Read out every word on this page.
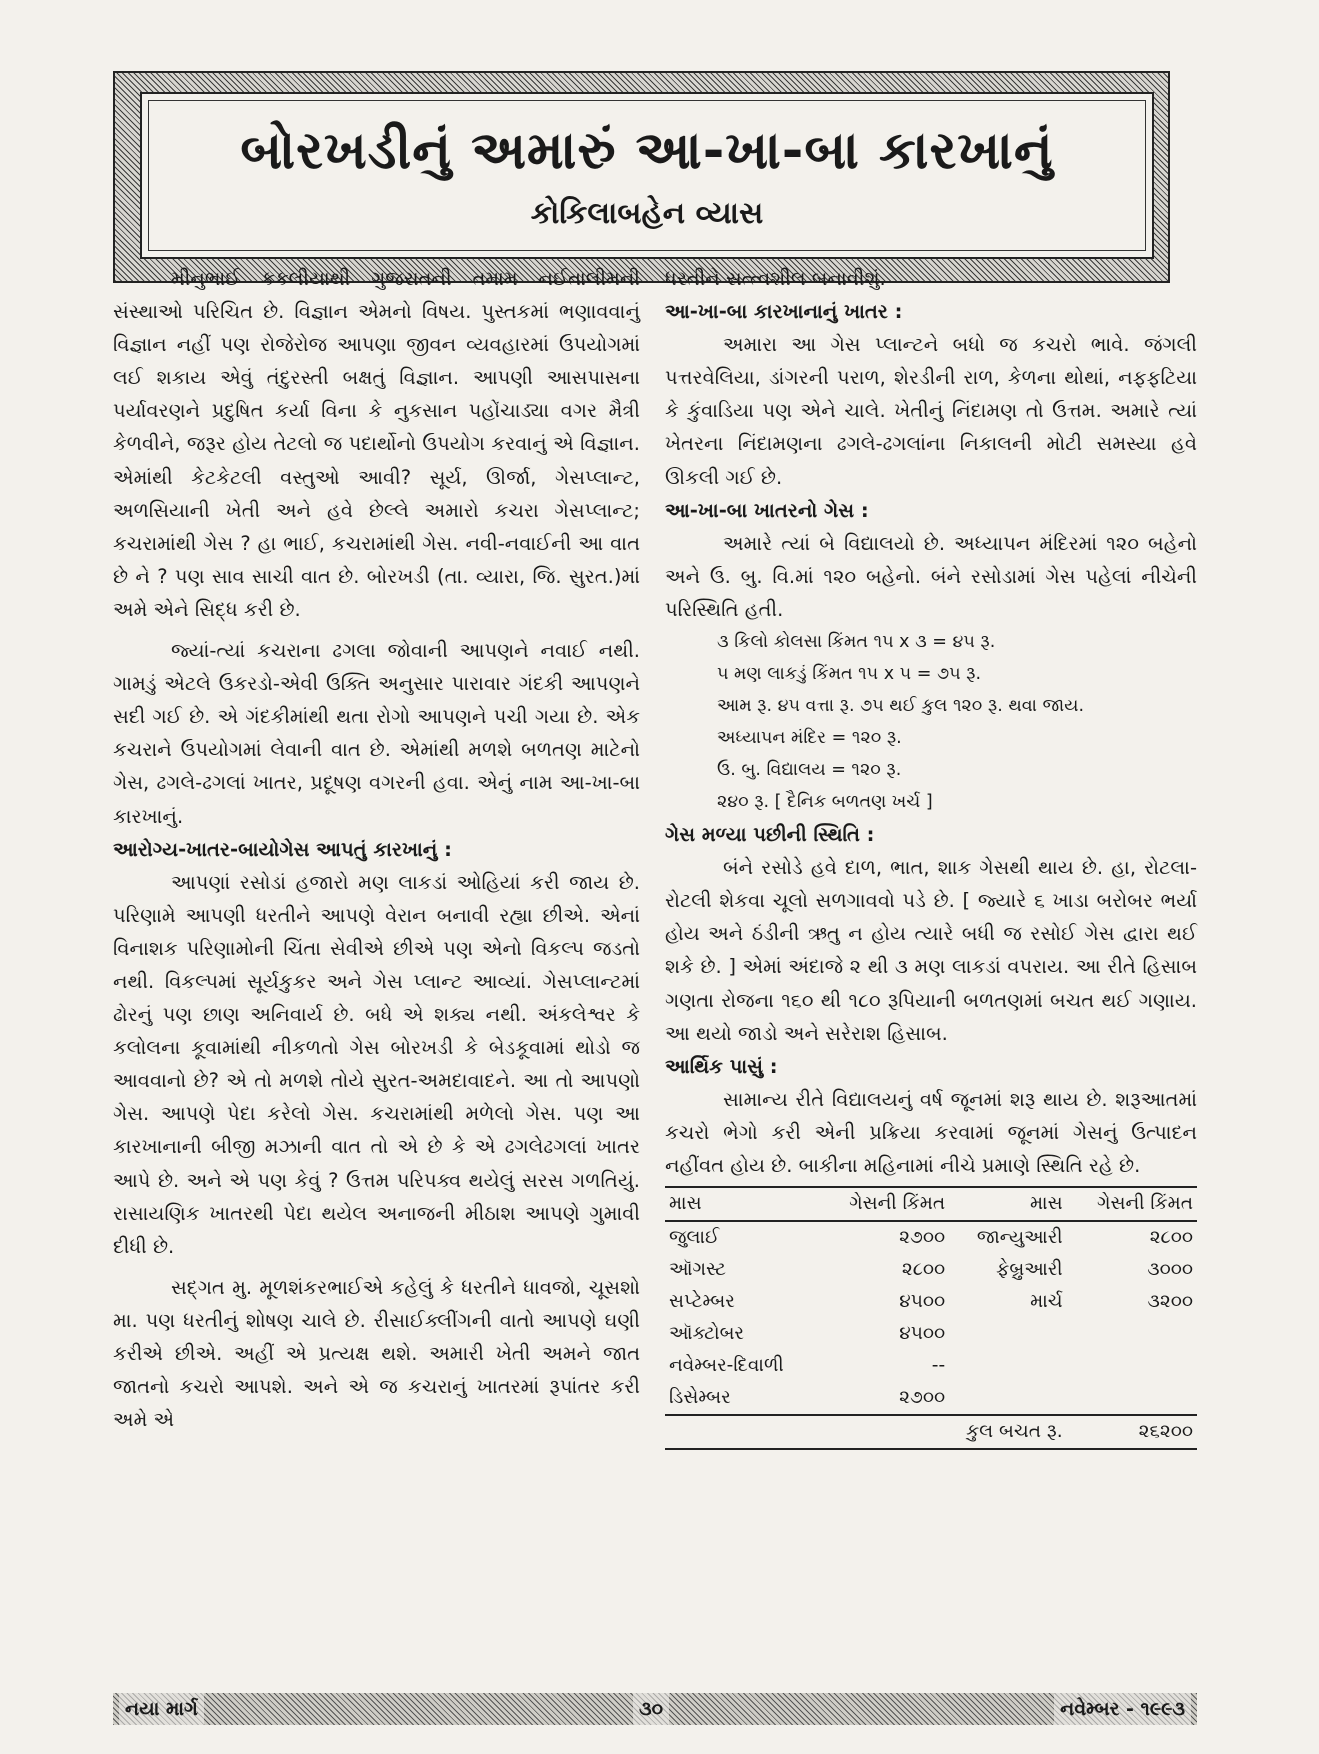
બોરખડીનું અમારું આ-ખા-બા કારખાનું
કોકિલાબહેન વ્યાસ

મીનુભાઈ કકલીયાથી ગુજરાતની તમામ નઈતાલીમની સંસ્થાઓ પરિચિત છે. વિજ્ઞાન એમનો વિષય. પુસ્તકમાં ભણાવવાનું વિજ્ઞાન નહીં પણ રોજેરોજ આપણા જીવન વ્યવહારમાં ઉપયોગમાં લઈ શકાય એવું તંદુરસ્તી બક્ષતું વિજ્ઞાન. આપણી આસપાસના પર્યાવરણને પ્રદુષિત કર્યા વિના કે નુકસાન પહોંચાડ્યા વગર મૈત્રી કેળવીને, જરૂર હોય તેટલો જ પદાર્થોનો ઉપયોગ કરવાનું એ વિજ્ઞાન. એમાંથી કેટકેટલી વસ્તુઓ આવી? સૂર્ય, ઊર્જા, ગેસપ્લાન્ટ, અળસિયાની ખેતી અને હવે છેલ્લે અમારો કચરા ગેસપ્લાન્ટ; કચરામાંથી ગેસ ? હા ભાઈ, કચરામાંથી ગેસ. નવી-નવાઈની આ વાત છે ને ? પણ સાવ સાચી વાત છે. બોરખડી (તા. વ્યારા, જિ. સુરત.)માં અમે એને સિદ્ધ કરી છે.

જ્યાં-ત્યાં કચરાના ઢગલા જોવાની આપણને નવાઈ નથી. ગામડું એટલે ઉકરડો-એવી ઉક્તિ અનુસાર પારાવાર ગંદકી આપણને સદી ગઈ છે. એ ગંદકીમાંથી થતા રોગો આપણને પચી ગયા છે. એક કચરાને ઉપયોગમાં લેવાની વાત છે. એમાંથી મળશે બળતણ માટેનો ગેસ, ઢગલે-ઢગલાં ખાતર, પ્રદૂષણ વગરની હવા. એનું નામ આ-ખા-બા કારખાનું.

આરોગ્ય-ખાતર-બાયોગેસ આપતું કારખાનું :

આપણાં રસોડાં હજારો મણ લાકડાં ઓહિયાં કરી જાય છે. પરિણામે આપણી ધરતીને આપણે વેરાન બનાવી રહ્યા છીએ. એનાં વિનાશક પરિણામોની ચિંતા સેવીએ છીએ પણ એનો વિકલ્પ જડતો નથી. વિકલ્પમાં સૂર્યકુકર અને ગેસ પ્લાન્ટ આવ્યાં. ગેસપ્લાન્ટમાં ઢોરનું પણ છાણ અનિવાર્ય છે. બધે એ શક્ય નથી. અંકલેશ્વર કે કલોલના કૂવામાંથી નીકળતો ગેસ બોરખડી કે બેડકૂવામાં થોડો જ આવવાનો છે? એ તો મળશે તોયે સુરત-અમદાવાદને. આ તો આપણો ગેસ. આપણે પેદા કરેલો ગેસ. કચરામાંથી મળેલો ગેસ. પણ આ કારખાનાની બીજી મઝાની વાત તો એ છે કે એ ઢગલેઢગલાં ખાતર આપે છે. અને એ પણ કેવું ? ઉત્તમ પરિપક્વ થયેલું સરસ ગળતિયું. રાસાયણિક ખાતરથી પેદા થયેલ અનાજની મીઠાશ આપણે ગુમાવી દીધી છે.

સદ્ગત મુ. મૂળશંકરભાઈએ કહેલું કે ધરતીને ધાવજો, ચૂસશો મા. પણ ધરતીનું શોષણ ચાલે છે. રીસાઈક્લીંગની વાતો આપણે ઘણી કરીએ છીએ. અહીં એ પ્રત્યક્ષ થશે. અમારી ખેતી અમને જાત જાતનો કચરો આપશે. અને એ જ કચરાનું ખાતરમાં રૂપાંતર કરી અમે એ

ધરતીને સત્ત્વશીલ બનાવીશું.

આ-ખા-બા કારખાનાનું ખાતર :

અમારા આ ગેસ પ્લાન્ટને બધો જ કચરો ભાવે. જંગલી પત્તરવેલિયા, ડાંગરની પરાળ, શેરડીની રાળ, કેળના થોથાં, નફફટિયા કે કુંવાડિયા પણ એને ચાલે. ખેતીનું નિંદામણ તો ઉત્તમ. અમારે ત્યાં ખેતરના નિંદામણના ઢગલે-ઢગલાંના નિકાલની મોટી સમસ્યા હવે ઊકલી ગઈ છે.

આ-ખા-બા ખાતરનો ગેસ :

અમારે ત્યાં બે વિદ્યાલયો છે. અધ્યાપન મંદિરમાં ૧૨૦ બહેનો અને ઉ. બુ. વિ.માં ૧૨૦ બહેનો. બંને રસોડામાં ગેસ પહેલાં નીચેની પરિસ્થિતિ હતી.

૩ કિલો કોલસા કિંમત ૧૫ x ૩ = ૪૫ રૂ.

૫ મણ લાકડું કિંમત ૧૫ x ૫ = ૭૫ રૂ.

આમ રૂ. ૪૫ વત્તા રૂ. ૭૫ થઈ કુલ ૧૨૦ રૂ. થવા જાય.

અધ્યાપન મંદિર = ૧૨૦ રૂ.

ઉ. બુ. વિદ્યાલય = ૧૨૦ રૂ.

૨૪૦ રૂ. [ દૈનિક બળતણ ખર્ચ ]

ગેસ મળ્યા પછીની સ્થિતિ :

બંને રસોડે હવે દાળ, ભાત, શાક ગેસથી થાય છે. હા, રોટલા-રોટલી શેકવા ચૂલો સળગાવવો પડે છે. [ જ્યારે ૬ ખાડા બરોબર ભર્યા હોય અને ઠંડીની ઋતુ ન હોય ત્યારે બધી જ રસોઈ ગેસ દ્વારા થઈ શકે છે. ] એમાં અંદાજે ૨ થી ૩ મણ લાકડાં વપરાય. આ રીતે હિસાબ ગણતા રોજના ૧૬૦ થી ૧૮૦ રૂપિયાની બળતણમાં બચત થઈ ગણાય. આ થયો જાડો અને સરેરાશ હિસાબ.

આર્થિક પાસું :

સામાન્ય રીતે વિદ્યાલયનું વર્ષ જૂનમાં શરૂ થાય છે. શરૂઆતમાં કચરો ભેગો કરી એની પ્રક્રિયા કરવામાં જૂનમાં ગેસનું ઉત્પાદન નહીંવત હોય છે. બાકીના મહિનામાં નીચે પ્રમાણે સ્થિતિ રહે છે.

માસ	ગેસની કિંમત	માસ	ગેસની કિંમત
જુલાઈ	૨૭૦૦	જાન્યુઆરી	૨૮૦૦
ઑગસ્ટ	૨૮૦૦	ફેબ્રુઆરી	૩૦૦૦
સપ્ટેમ્બર	૪૫૦૦	માર્ચ	૩૨૦૦
ઑક્ટોબર	૪૫૦૦		
નવેમ્બર-દિવાળી	--		
ડિસેમ્બર	૨૭૦૦		
	કુલ બચત રૂ.		૨૬૨૦૦
નયા માર્ગ	૩૦	નવેમ્બર - ૧૯૯૩
